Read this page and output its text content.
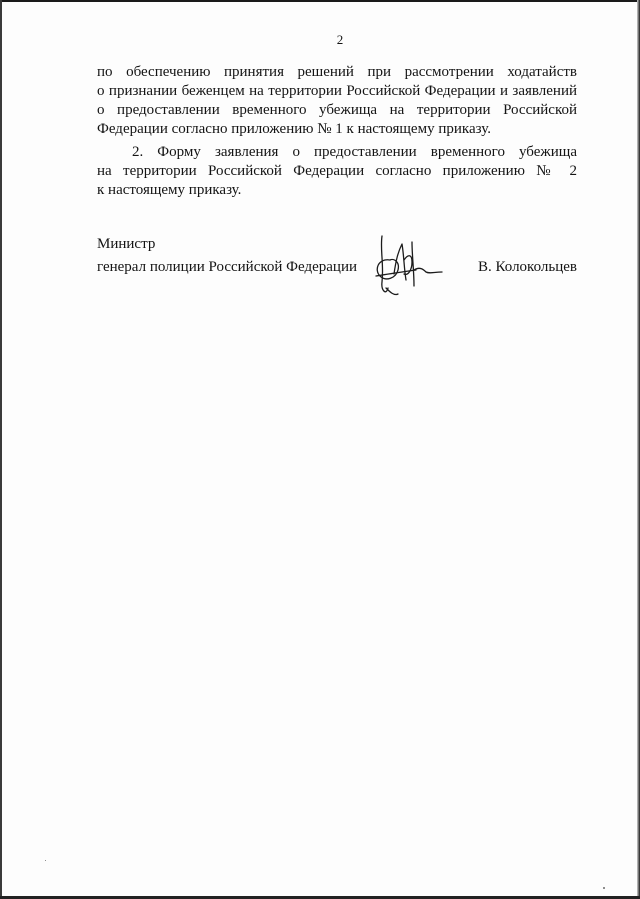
2
по обеспечению принятия решений при рассмотрении ходатайств
о признании беженцем на территории Российской Федерации и заявлений
о предоставлении временного убежища на территории Российской
Федерации согласно приложению № 1 к настоящему приказу.
2. Форму заявления о предоставлении временного убежища
на территории Российской Федерации согласно приложению № 2
к настоящему приказу.
Министр
генерал полиции Российской Федерации	В. Колокольцев
